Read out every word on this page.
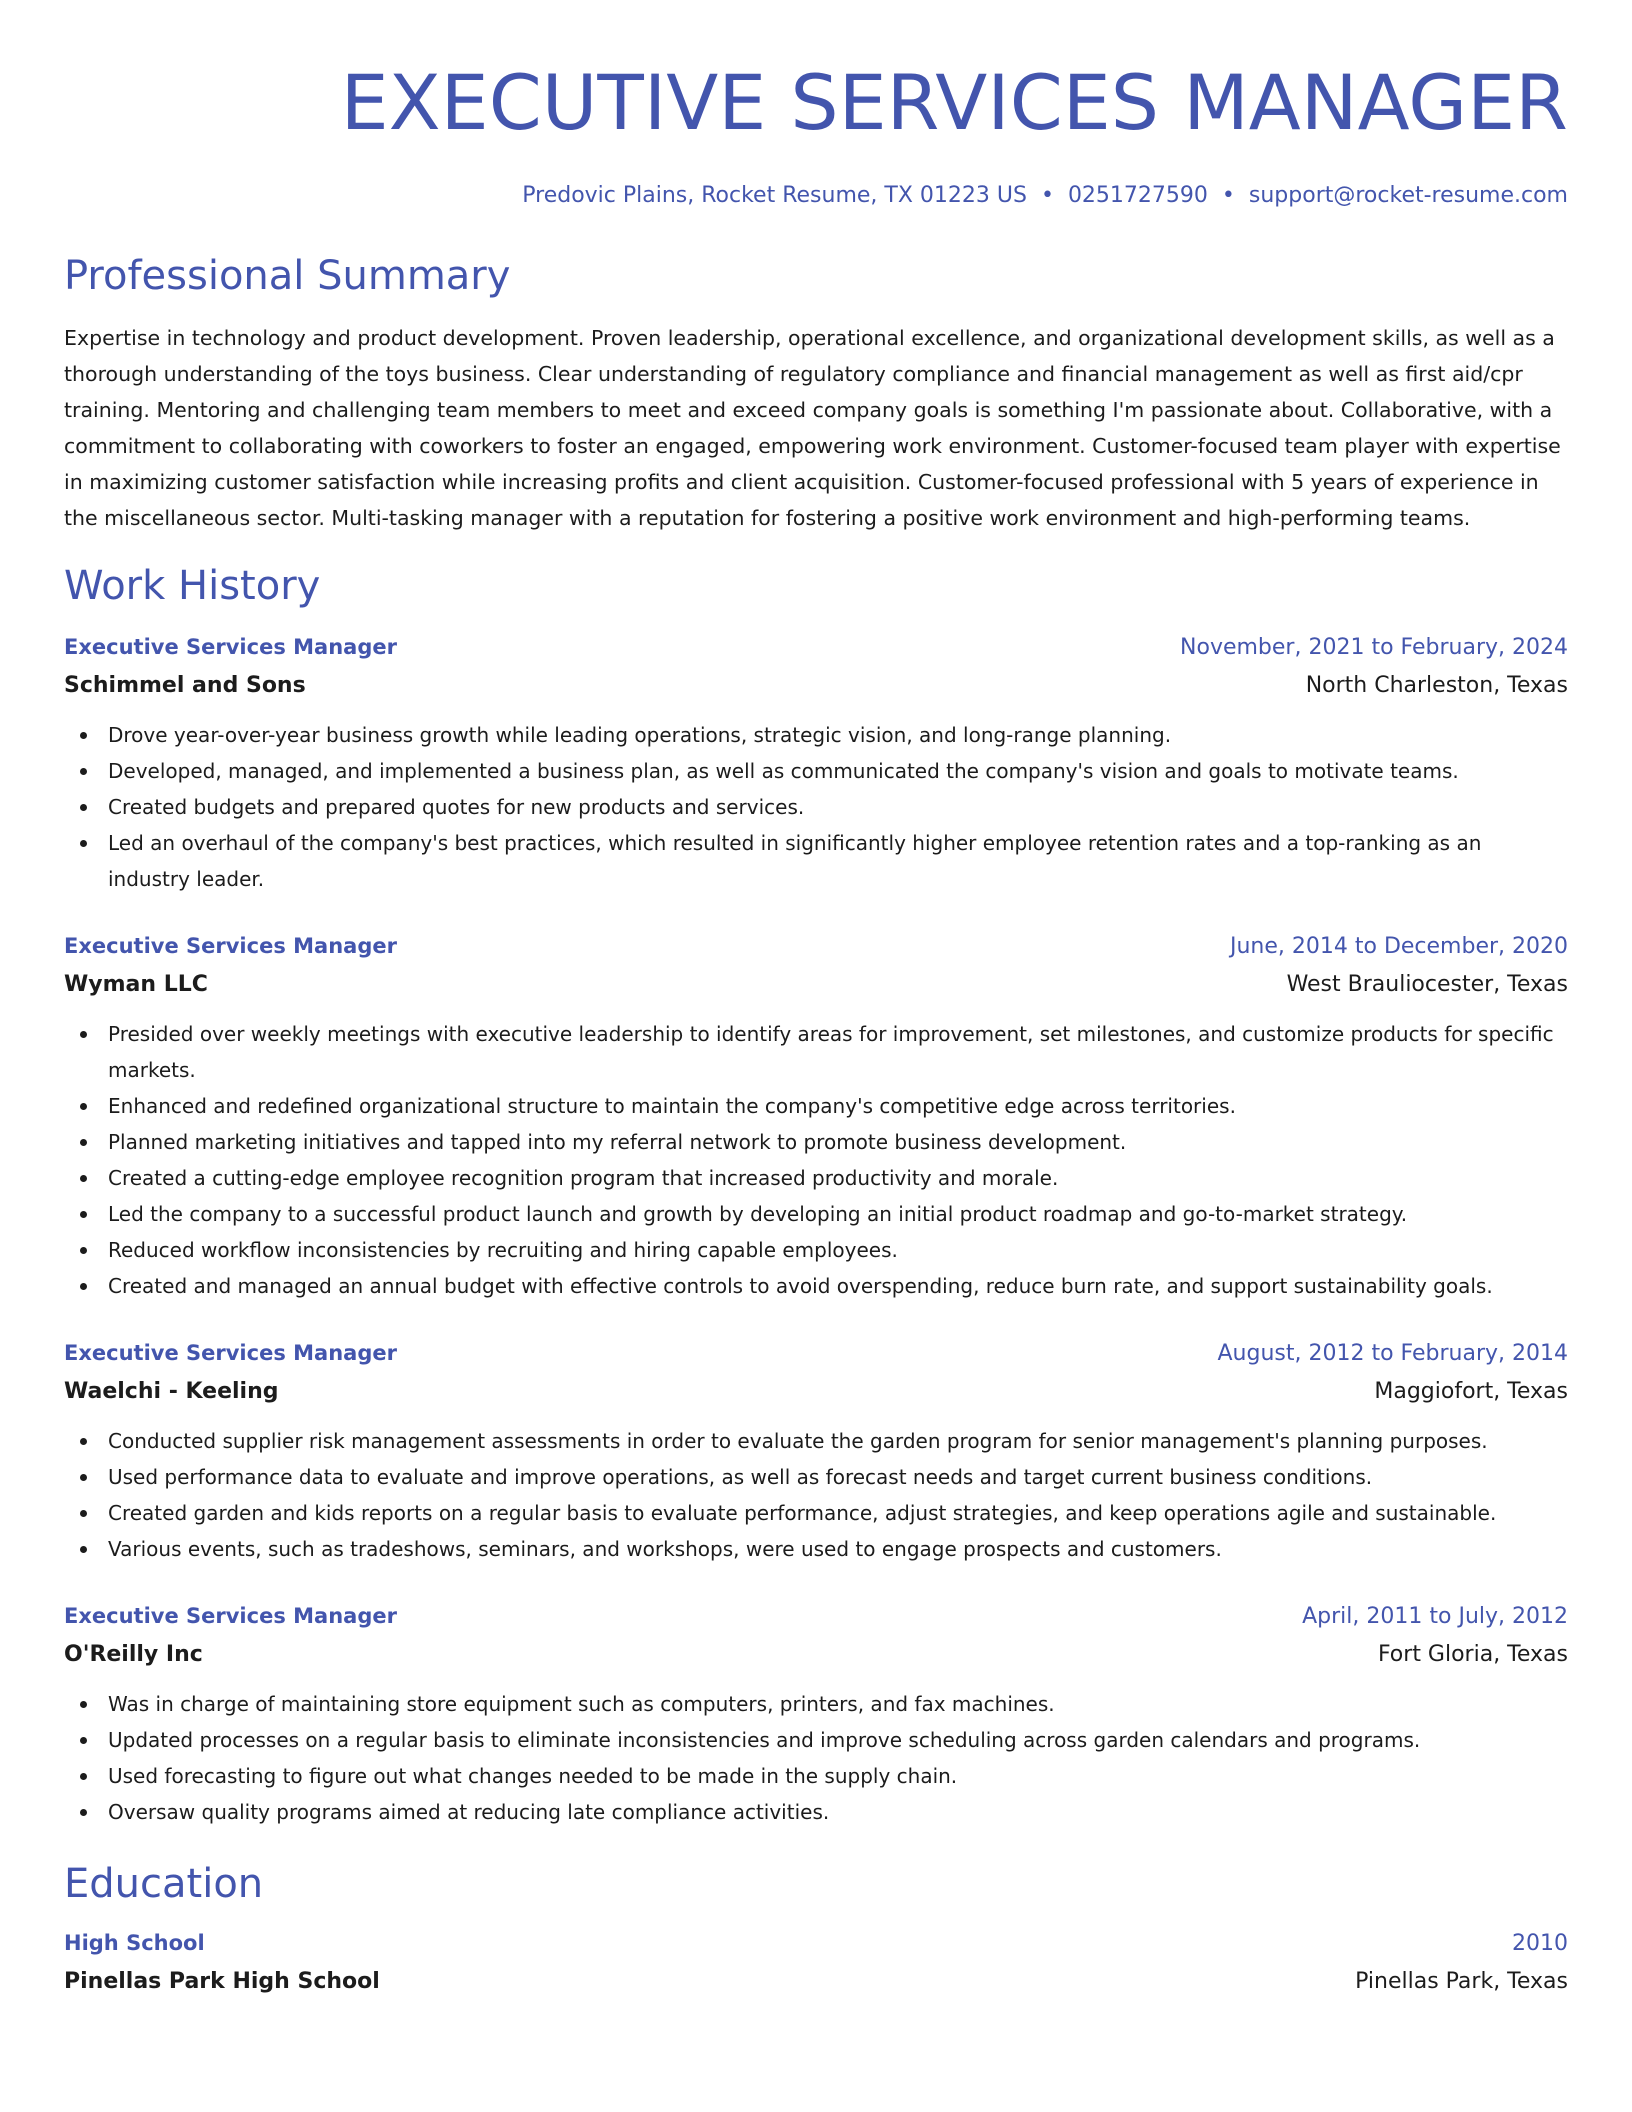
EXECUTIVE SERVICES MANAGER
Predovic Plains, Rocket Resume, TX 01223 US • 0251727590 • support@rocket-resume.com
Professional Summary

Expertise in technology and product development. Proven leadership, operational excellence, and organizational development skills, as well as a thorough understanding of the toys business. Clear understanding of regulatory compliance and financial management as well as first aid/cpr training. Mentoring and challenging team members to meet and exceed company goals is something I'm passionate about. Collaborative, with a commitment to collaborating with coworkers to foster an engaged, empowering work environment. Customer-focused team player with expertise in maximizing customer satisfaction while increasing profits and client acquisition. Customer-focused professional with 5 years of experience in the miscellaneous sector. Multi-tasking manager with a reputation for fostering a positive work environment and high-performing teams.

Work History
Executive Services Manager	November, 2021 to February, 2024
Schimmel and Sons	North Charleston, Texas
Drove year-over-year business growth while leading operations, strategic vision, and long-range planning.
Developed, managed, and implemented a business plan, as well as communicated the company's vision and goals to motivate teams.
Created budgets and prepared quotes for new products and services.
Led an overhaul of the company's best practices, which resulted in significantly higher employee retention rates and a top-ranking as an industry leader.
Executive Services Manager	June, 2014 to December, 2020
Wyman LLC	West Brauliocester, Texas
Presided over weekly meetings with executive leadership to identify areas for improvement, set milestones, and customize products for specific markets.
Enhanced and redefined organizational structure to maintain the company's competitive edge across territories.
Planned marketing initiatives and tapped into my referral network to promote business development.
Created a cutting-edge employee recognition program that increased productivity and morale.
Led the company to a successful product launch and growth by developing an initial product roadmap and go-to-market strategy.
Reduced workflow inconsistencies by recruiting and hiring capable employees.
Created and managed an annual budget with effective controls to avoid overspending, reduce burn rate, and support sustainability goals.
Executive Services Manager	August, 2012 to February, 2014
Waelchi - Keeling	Maggiofort, Texas
Conducted supplier risk management assessments in order to evaluate the garden program for senior management's planning purposes.
Used performance data to evaluate and improve operations, as well as forecast needs and target current business conditions.
Created garden and kids reports on a regular basis to evaluate performance, adjust strategies, and keep operations agile and sustainable.
Various events, such as tradeshows, seminars, and workshops, were used to engage prospects and customers.
Executive Services Manager	April, 2011 to July, 2012
O'Reilly Inc	Fort Gloria, Texas
Was in charge of maintaining store equipment such as computers, printers, and fax machines.
Updated processes on a regular basis to eliminate inconsistencies and improve scheduling across garden calendars and programs.
Used forecasting to figure out what changes needed to be made in the supply chain.
Oversaw quality programs aimed at reducing late compliance activities.
Education
High School	2010
Pinellas Park High School	Pinellas Park, Texas
